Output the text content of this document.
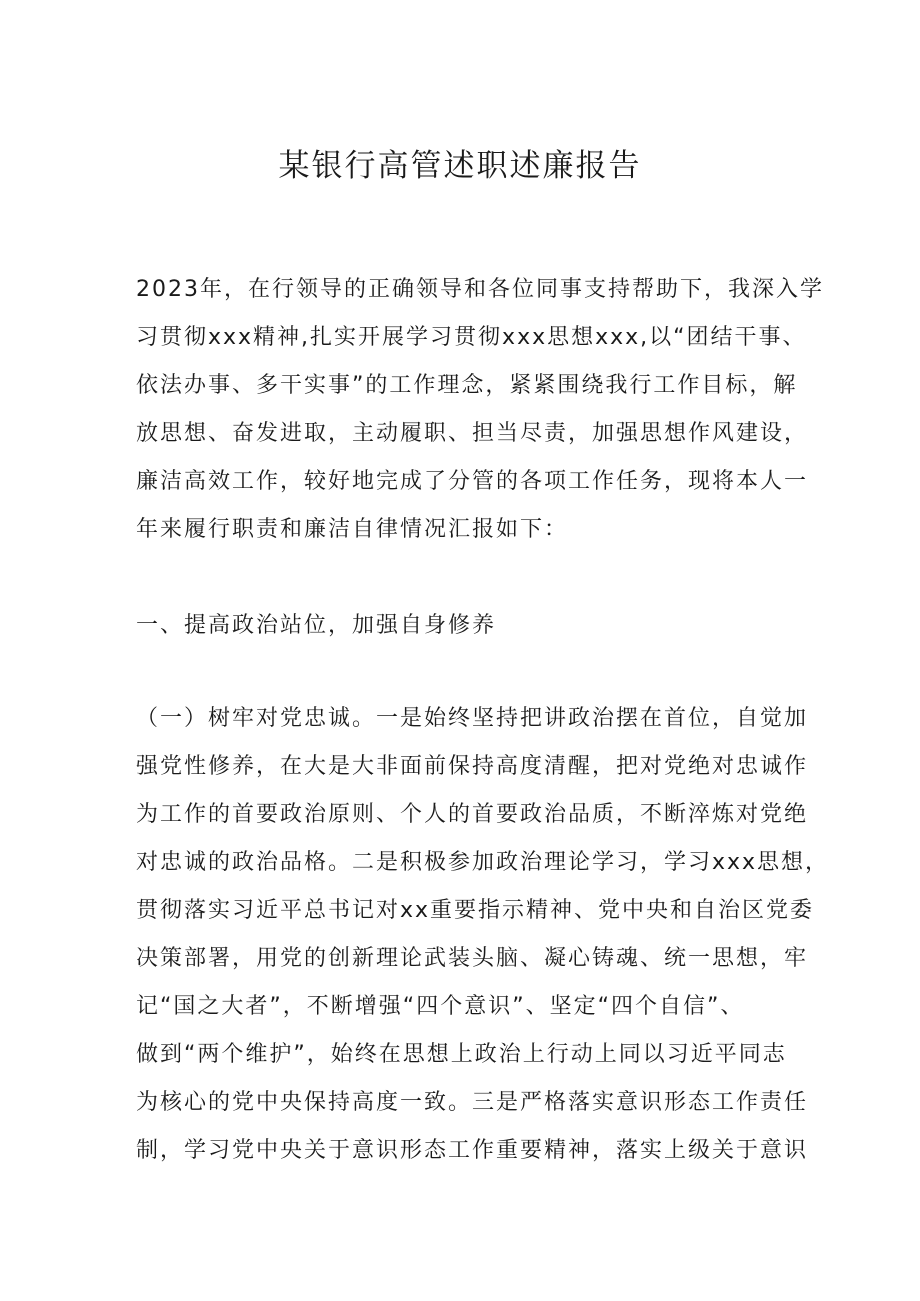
某银行高管述职述廉报告
2023年，在行领导的正确领导和各位同事支持帮助下，我深入学
习贯彻xxx精神,扎实开展学习贯彻xxx思想xxx,以“团结干事、
依法办事、多干实事”的工作理念，紧紧围绕我行工作目标，解
放思想、奋发进取，主动履职、担当尽责，加强思想作风建设，
廉洁高效工作，较好地完成了分管的各项工作任务，现将本人一
年来履行职责和廉洁自律情况汇报如下：
一、提高政治站位，加强自身修养
（一）树牢对党忠诚。一是始终坚持把讲政治摆在首位，自觉加
强党性修养，在大是大非面前保持高度清醒，把对党绝对忠诚作
为工作的首要政治原则、个人的首要政治品质，不断淬炼对党绝
对忠诚的政治品格。二是积极参加政治理论学习，学习xxx思想，
贯彻落实习近平总书记对xx重要指示精神、党中央和自治区党委
决策部署，用党的创新理论武装头脑、凝心铸魂、统一思想，牢
记“国之大者”，不断增强“四个意识”、坚定“四个自信”、
做到“两个维护”，始终在思想上政治上行动上同以习近平同志
为核心的党中央保持高度一致。三是严格落实意识形态工作责任
制，学习党中央关于意识形态工作重要精神，落实上级关于意识
